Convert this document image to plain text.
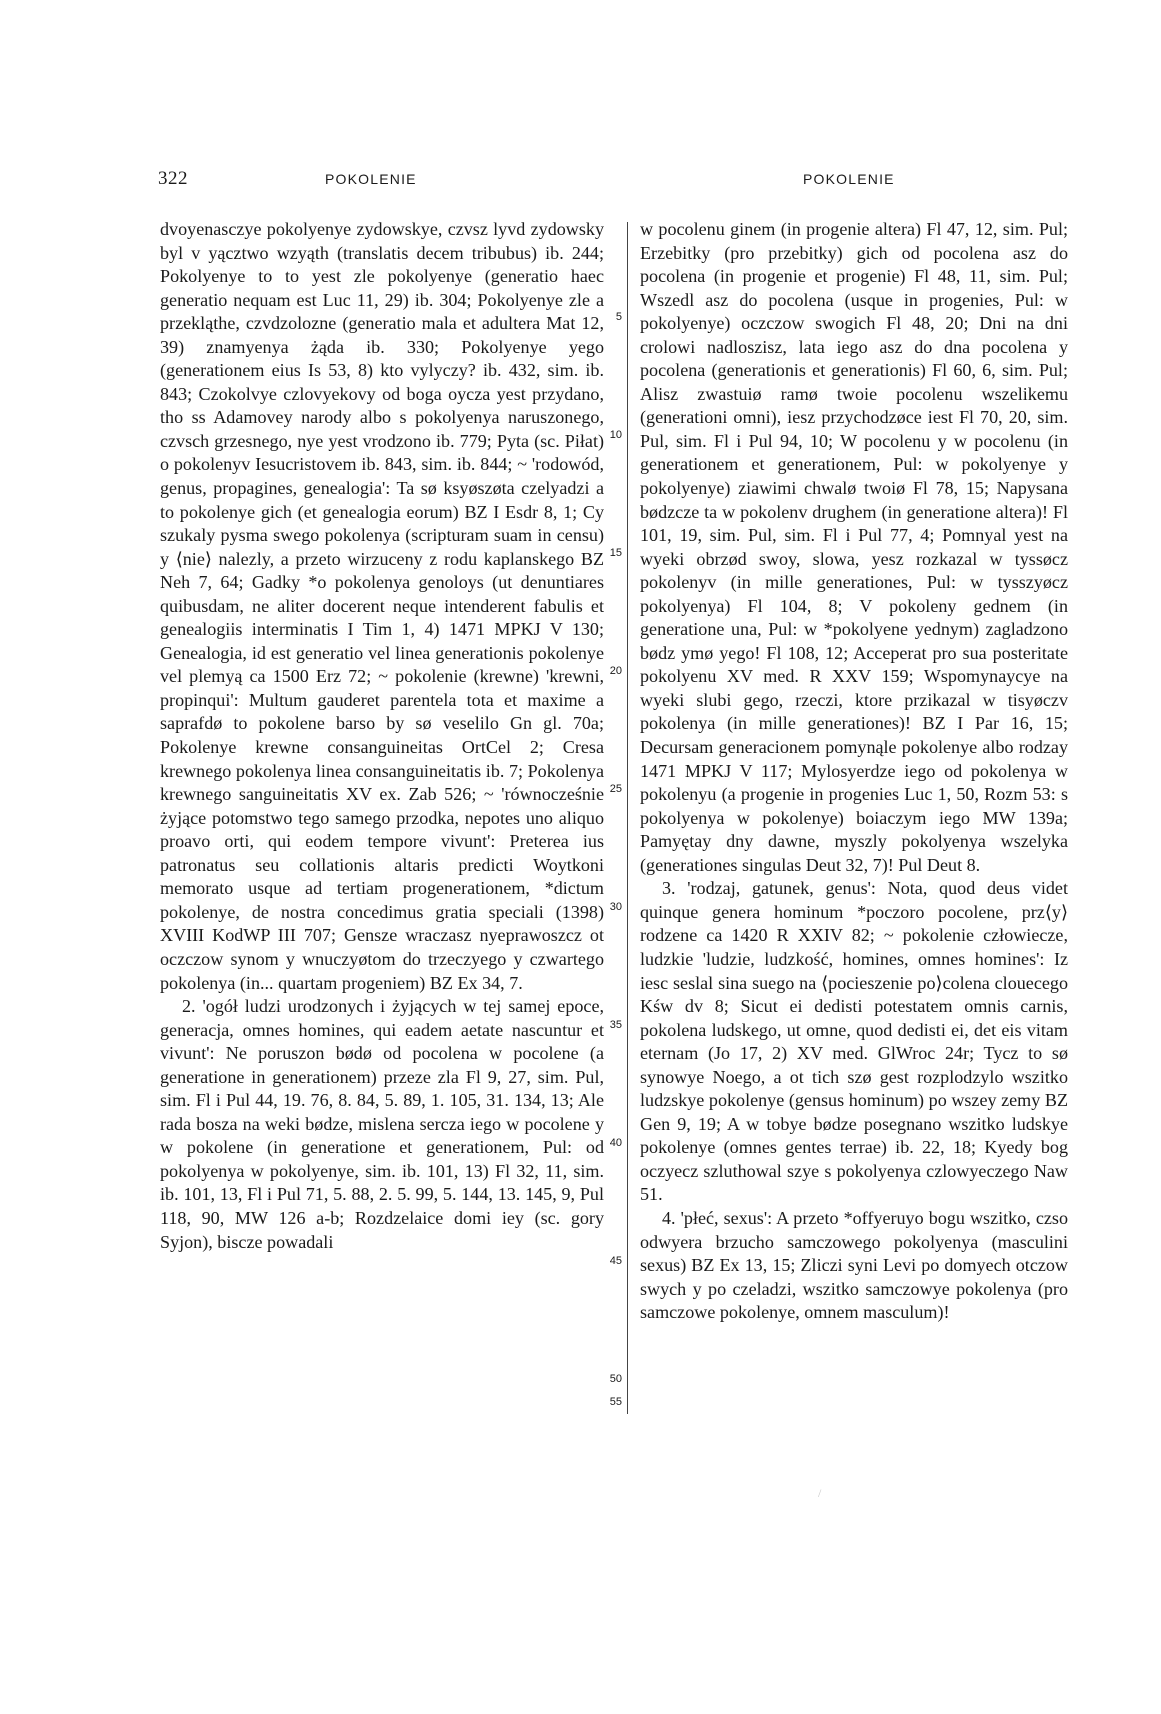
322	POKOLENIE	POKOLENIE

dvoyenasczye pokolyenye zydowskye, czvsz lyvd zydowsky byl v yącztwo wzyąth (translatis decem tribubus) ib. 244; Pokolyenye to to yest zle pokolyenye (generatio haec generatio nequam est Luc 11, 29) ib. 304; Pokolyenye zle a przekląthe, czvdzolozne (generatio mala et adultera Mat 12, 39) znamyenya żąda ib. 330; Pokolyenye yego (generationem eius Is 53, 8) kto vylyczy? ib. 432, sim. ib. 843; Czokolvye czlovyekovy od boga oycza yest przydano, tho ss Adamovey narody albo s pokolyenya naruszonego, czvsch grzesnego, nye yest vrodzono ib. 779; Pyta (sc. Piłat) o pokolenyv Iesucristovem ib. 843, sim. ib. 844; ~ 'rodowód, genus, propagines, genealogia': Ta sø ksyøszøta czelyadzi a to pokolenye gich (et genealogia eorum) BZ I Esdr 8, 1; Cy szukaly pysma swego pokolenya (scripturam suam in censu) y ⟨nie⟩ nalezly, a przeto wirzuceny z rodu kaplanskego BZ Neh 7, 64; Gadky *o pokolenya genoloys (ut denuntiares quibusdam, ne aliter docerent neque intenderent fabulis et genealogiis interminatis I Tim 1, 4) 1471 MPKJ V 130; Genealogia, id est generatio vel linea generationis pokolenye vel plemyą ca 1500 Erz 72; ~ pokolenie (krewne) 'krewni, propinqui': Multum gauderet parentela tota et maxime a saprafdø to pokolene barso by sø veselilo Gn gl. 70a; Pokolenye krewne consanguineitas OrtCel 2; Cresa krewnego pokolenya linea consanguineitatis ib. 7; Pokolenya krewnego sanguineitatis XV ex. Zab 526; ~ 'równocześnie żyjące potomstwo tego samego przodka, nepotes uno aliquo proavo orti, qui eodem tempore vivunt': Preterea ius patronatus seu collationis altaris predicti Woytkoni memorato usque ad tertiam progenerationem, *dictum pokolenye, de nostra concedimus gratia speciali (1398) XVIII KodWP III 707; Gensze wraczasz nyeprawoszcz ot oczczow synom y wnuczyøtom do trzeczyego y czwartego pokolenya (in... quartam progeniem) BZ Ex 34, 7.

2. 'ogół ludzi urodzonych i żyjących w tej samej epoce, generacja, omnes homines, qui eadem aetate nascuntur et vivunt': Ne poruszon bødø od pocolena w pocolene (a generatione in generationem) przeze zla Fl 9, 27, sim. Pul, sim. Fl i Pul 44, 19. 76, 8. 84, 5. 89, 1. 105, 31. 134, 13; Ale rada bosza na weki bødze, mislena sercza iego w pocolene y w pokolene (in generatione et generationem, Pul: od pokolyenya w pokolyenye, sim. ib. 101, 13) Fl 32, 11, sim. ib. 101, 13, Fl i Pul 71, 5. 88, 2. 5. 99, 5. 144, 13. 145, 9, Pul 118, 90, MW 126 a-b; Rozdzelaice domi iey (sc. gory Syjon), biscze powadali

5
10
15
20
25
30
35
40
45
50
55

w pocolenu ginem (in progenie altera) Fl 47, 12, sim. Pul; Erzebitky (pro przebitky) gich od pocolena asz do pocolena (in progenie et progenie) Fl 48, 11, sim. Pul; Wszedl asz do pocolena (usque in progenies, Pul: w pokolyenye) oczczow swogich Fl 48, 20; Dni na dni crolowi nadloszisz, lata iego asz do dna pocolena y pocolena (generationis et generationis) Fl 60, 6, sim. Pul; Alisz zwastuiø ramø twoie pocolenu wszelikemu (generationi omni), iesz przychodzøce iest Fl 70, 20, sim. Pul, sim. Fl i Pul 94, 10; W pocolenu y w pocolenu (in generationem et generationem, Pul: w pokolyenye y pokolyenye) ziawimi chwalø twoiø Fl 78, 15; Napysana bødzcze ta w pokolenv drughem (in generatione altera)! Fl 101, 19, sim. Pul, sim. Fl i Pul 77, 4; Pomnyal yest na wyeki obrzød swoy, slowa, yesz rozkazal w tyssøcz pokolenyv (in mille generationes, Pul: w tysszyøcz pokolyenya) Fl 104, 8; V pokoleny gednem (in generatione una, Pul: w *pokolyene yednym) zagladzono bødz ymø yego! Fl 108, 12; Acceperat pro sua posteritate pokolyenu XV med. R XXV 159; Wspomynaycye na wyeki slubi gego, rzeczi, ktore przikazal w tisyøczv pokolenya (in mille generationes)! BZ I Par 16, 15; Decursam generacionem pomynąle pokolenye albo rodzay 1471 MPKJ V 117; Mylosyerdze iego od pokolenya w pokolenyu (a progenie in progenies Luc 1, 50, Rozm 53: s pokolyenya w pokolenye) boiaczym iego MW 139a; Pamyętay dny dawne, myszly pokolyenya wszelyka (generationes singulas Deut 32, 7)! Pul Deut 8.

3. 'rodzaj, gatunek, genus': Nota, quod deus videt quinque genera hominum *poczoro pocolene, prz⟨y⟩rodzene ca 1420 R XXIV 82; ~ pokolenie człowiecze, ludzkie 'ludzie, ludzkość, homines, omnes homines': Iz iesc seslal sina suego na ⟨pocieszenie po⟩colena clouecego Kśw dv 8; Sicut ei dedisti potestatem omnis carnis, pokolena ludskego, ut omne, quod dedisti ei, det eis vitam eternam (Jo 17, 2) XV med. GlWroc 24r; Tycz to sø synowye Noego, a ot tich szø gest rozplodzylo wszitko ludzskye pokolenye (gensus hominum) po wszey zemy BZ Gen 9, 19; A w tobye bødze posegnano wszitko ludskye pokolenye (omnes gentes terrae) ib. 22, 18; Kyedy bog oczyecz szluthowal szye s pokolyenya czlowyeczego Naw 51.

4. 'płeć, sexus': A przeto *offyeruyo bogu wszitko, czso odwyera brzucho samczowego pokolyenya (masculini sexus) BZ Ex 13, 15; Zliczi syni Levi po domyech otczow swych y po czeladzi, wszitko samczowye pokolenya (pro samczowe pokolenye, omnem masculum)!

/
